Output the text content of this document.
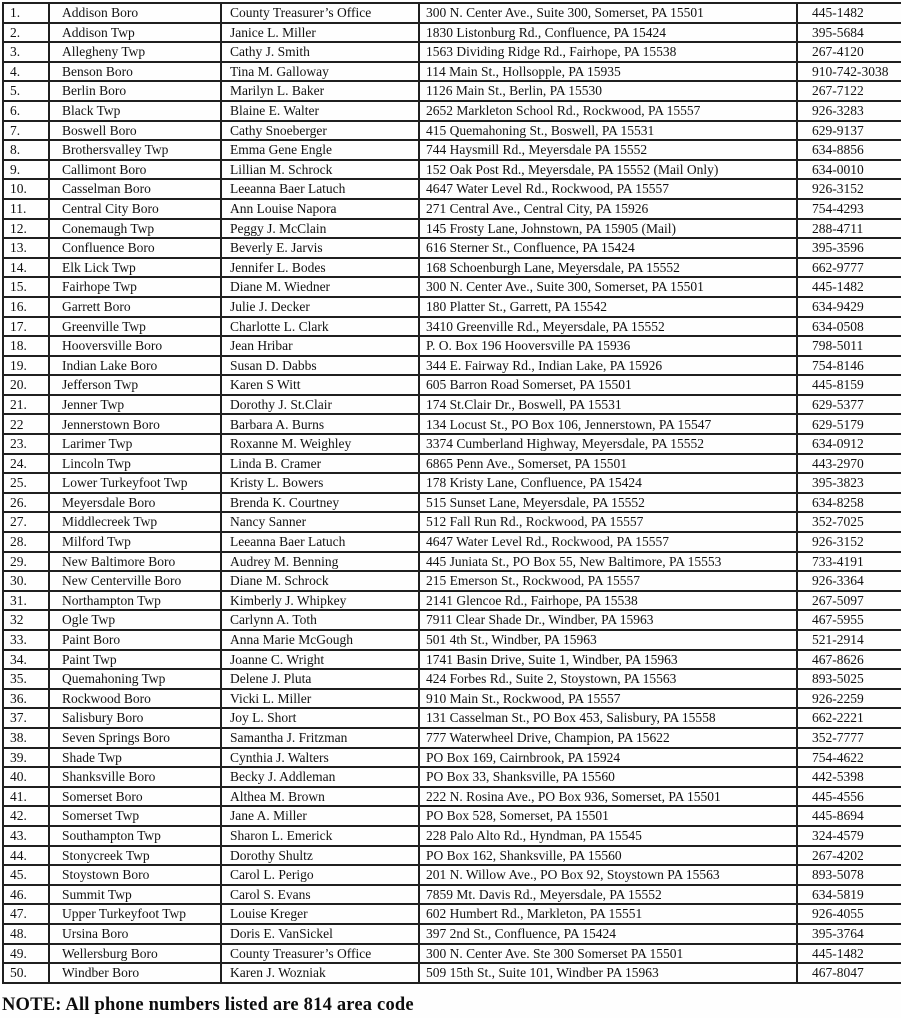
1.	Addison Boro	County Treasurer’s Office	300 N. Center Ave., Suite 300, Somerset, PA 15501	445-1482
2.	Addison Twp	Janice L. Miller	1830 Listonburg Rd., Confluence, PA 15424	395-5684
3.	Allegheny Twp	Cathy J. Smith	1563 Dividing Ridge Rd., Fairhope, PA 15538	267-4120
4.	Benson Boro	Tina M. Galloway	114 Main St., Hollsopple, PA 15935	910-742-3038
5.	Berlin Boro	Marilyn L. Baker	1126 Main St., Berlin, PA 15530	267-7122
6.	Black Twp	Blaine E. Walter	2652 Markleton School Rd., Rockwood, PA 15557	926-3283
7.	Boswell Boro	Cathy Snoeberger	415 Quemahoning St., Boswell, PA 15531	629-9137
8.	Brothersvalley Twp	Emma Gene Engle	744 Haysmill Rd., Meyersdale PA 15552	634-8856
9.	Callimont Boro	Lillian M. Schrock	152 Oak Post Rd., Meyersdale, PA 15552 (Mail Only)	634-0010
10.	Casselman Boro	Leeanna Baer Latuch	4647 Water Level Rd., Rockwood, PA 15557	926-3152
11.	Central City Boro	Ann Louise Napora	271 Central Ave., Central City, PA 15926	754-4293
12.	Conemaugh Twp	Peggy J. McClain	145 Frosty Lane, Johnstown, PA 15905 (Mail)	288-4711
13.	Confluence Boro	Beverly E. Jarvis	616 Sterner St., Confluence, PA 15424	395-3596
14.	Elk Lick Twp	Jennifer L. Bodes	168 Schoenburgh Lane, Meyersdale, PA 15552	662-9777
15.	Fairhope Twp	Diane M. Wiedner	300 N. Center Ave., Suite 300, Somerset, PA 15501	445-1482
16.	Garrett Boro	Julie J. Decker	180 Platter St., Garrett, PA 15542	634-9429
17.	Greenville Twp	Charlotte L. Clark	3410 Greenville Rd., Meyersdale, PA 15552	634-0508
18.	Hooversville Boro	Jean Hribar	P. O. Box 196 Hooversville PA 15936	798-5011
19.	Indian Lake Boro	Susan D. Dabbs	344 E. Fairway Rd., Indian Lake, PA 15926	754-8146
20.	Jefferson Twp	Karen S Witt	605 Barron Road Somerset, PA 15501	445-8159
21.	Jenner Twp	Dorothy J. St.Clair	174 St.Clair Dr., Boswell, PA 15531	629-5377
22	Jennerstown Boro	Barbara A. Burns	134 Locust St., PO Box 106, Jennerstown, PA 15547	629-5179
23.	Larimer Twp	Roxanne M. Weighley	3374 Cumberland Highway, Meyersdale, PA 15552	634-0912
24.	Lincoln Twp	Linda B. Cramer	6865 Penn Ave., Somerset, PA 15501	443-2970
25.	Lower Turkeyfoot Twp	Kristy L. Bowers	178 Kristy Lane, Confluence, PA 15424	395-3823
26.	Meyersdale Boro	Brenda K. Courtney	515 Sunset Lane, Meyersdale, PA 15552	634-8258
27.	Middlecreek Twp	Nancy Sanner	512 Fall Run Rd., Rockwood, PA 15557	352-7025
28.	Milford Twp	Leeanna Baer Latuch	4647 Water Level Rd., Rockwood, PA 15557	926-3152
29.	New Baltimore Boro	Audrey M. Benning	445 Juniata St., PO Box 55, New Baltimore, PA 15553	733-4191
30.	New Centerville Boro	Diane M. Schrock	215 Emerson St., Rockwood, PA 15557	926-3364
31.	Northampton Twp	Kimberly J. Whipkey	2141 Glencoe Rd., Fairhope, PA 15538	267-5097
32	Ogle Twp	Carlynn A. Toth	7911 Clear Shade Dr., Windber, PA 15963	467-5955
33.	Paint Boro	Anna Marie McGough	501 4th St., Windber, PA 15963	521-2914
34.	Paint Twp	Joanne C. Wright	1741 Basin Drive, Suite 1, Windber, PA 15963	467-8626
35.	Quemahoning Twp	Delene J. Pluta	424 Forbes Rd., Suite 2, Stoystown, PA 15563	893-5025
36.	Rockwood Boro	Vicki L. Miller	910 Main St., Rockwood, PA 15557	926-2259
37.	Salisbury Boro	Joy L. Short	131 Casselman St., PO Box 453, Salisbury, PA 15558	662-2221
38.	Seven Springs Boro	Samantha J. Fritzman	777 Waterwheel Drive, Champion, PA 15622	352-7777
39.	Shade Twp	Cynthia J. Walters	PO Box 169, Cairnbrook, PA 15924	754-4622
40.	Shanksville Boro	Becky J. Addleman	PO Box 33, Shanksville, PA 15560	442-5398
41.	Somerset Boro	Althea M. Brown	222 N. Rosina Ave., PO Box 936, Somerset, PA 15501	445-4556
42.	Somerset Twp	Jane A. Miller	PO Box 528, Somerset, PA 15501	445-8694
43.	Southampton Twp	Sharon L. Emerick	228 Palo Alto Rd., Hyndman, PA 15545	324-4579
44.	Stonycreek Twp	Dorothy Shultz	PO Box 162, Shanksville, PA 15560	267-4202
45.	Stoystown Boro	Carol L. Perigo	201 N. Willow Ave., PO Box 92, Stoystown PA 15563	893-5078
46.	Summit Twp	Carol S. Evans	7859 Mt. Davis Rd., Meyersdale, PA 15552	634-5819
47.	Upper Turkeyfoot Twp	Louise Kreger	602 Humbert Rd., Markleton, PA 15551	926-4055
48.	Ursina Boro	Doris E. VanSickel	397 2nd St., Confluence, PA 15424	395-3764
49.	Wellersburg Boro	County Treasurer’s Office	300 N. Center Ave. Ste 300 Somerset PA 15501	445-1482
50.	Windber Boro	Karen J. Wozniak	509 15th St., Suite 101, Windber PA 15963	467-8047
NOTE: All phone numbers listed are 814 area code
